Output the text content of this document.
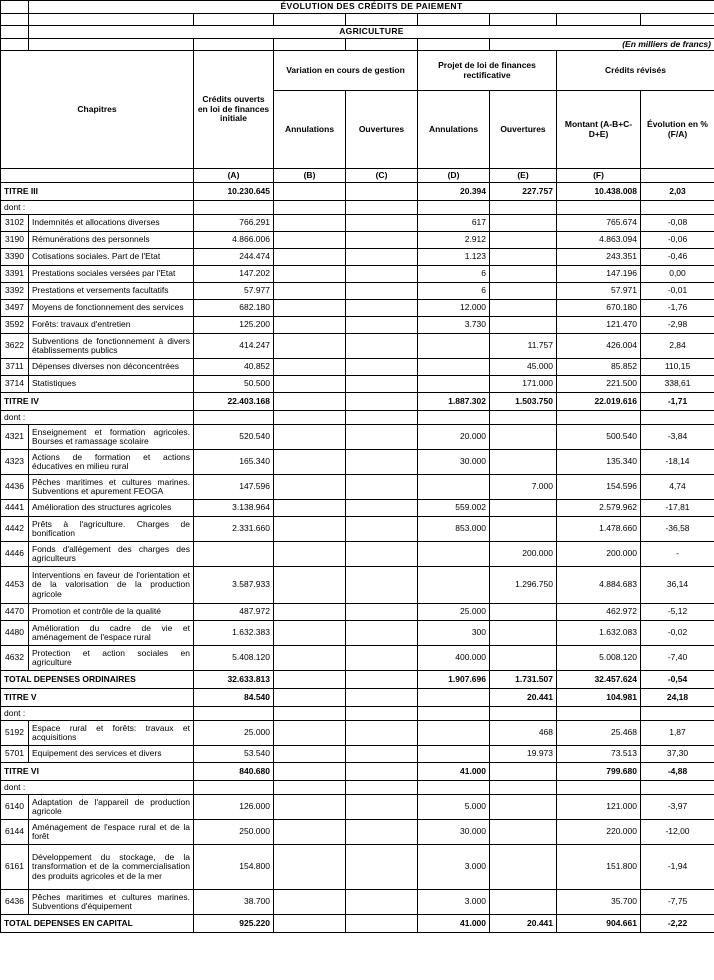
	ÉVOLUTION DES CRÉDITS DE PAIEMENT							

	AGRICULTURE							
						(En milliers de francs)		
Chapitres		Crédits ouverts en loi de finances initiale	Variation en cours de gestion		Projet de loi de finances rectificative		Crédits révisés	
			Annulations	Ouvertures	Annulations	Ouvertures	Montant (A-B+C-D+E)	Évolution en % (F/A)
		(A)	(B)	(C)	(D)	(E)	(F)	
TITRE III		10.230.645			20.394	227.757	10.438.008	2,03
dont :								
3102	Indemnités et allocations diverses	766.291			617		765.674	-0,08
3190	Rémunérations des personnels	4.866.006			2.912		4.863.094	-0,06
3390	Cotisations sociales. Part de l'Etat	244.474			1.123		243.351	-0,46
3391	Prestations sociales versées par l'Etat	147.202			6		147.196	0,00
3392	Prestations et versements facultatifs	57.977			6		57.971	-0,01
3497	Moyens de fonctionnement des services	682.180			12.000		670.180	-1,76
3592	Forêts: travaux d'entretien	125.200			3.730		121.470	-2,98
3622	Subventions de fonctionnement à divers établissements publics	414.247				11.757	426.004	2,84
3711	Dépenses diverses non déconcentrées	40.852				45.000	85.852	110,15
3714	Statistiques	50.500				171.000	221.500	338,61
TITRE IV		22.403.168			1.887.302	1.503.750	22.019.616	-1,71
dont :								
4321	Enseignement et formation agricoles. Bourses et ramassage scolaire	520.540			20.000		500.540	-3,84
4323	Actions de formation et actions éducatives en milieu rural	165.340			30.000		135.340	-18,14
4436	Pêches maritimes et cultures marines. Subventions et apurement FEOGA	147.596				7.000	154.596	4,74
4441	Amélioration des structures agricoles	3.138.964			559.002		2.579.962	-17,81
4442	Prêts à l'agriculture. Charges de bonification	2.331.660			853.000		1.478.660	-36,58
4446	Fonds d'allégement des charges des agriculteurs					200.000	200.000	-
4453	Interventions en faveur de l'orientation et de la valorisation de la production agricole	3.587.933				1.296.750	4.884.683	36,14
4470	Promotion et contrôle de la qualité	487.972			25.000		462.972	-5,12
4480	Amélioration du cadre de vie et aménagement de l'espace rural	1.632.383			300		1.632.083	-0,02
4632	Protection et action sociales en agriculture	5.408.120			400.000		5.008.120	-7,40
TOTAL DEPENSES ORDINAIRES		32.633.813			1.907.696	1.731.507	32.457.624	-0,54
TITRE V		84.540				20.441	104.981	24,18
dont :								
5192	Espace rural et forêts: travaux et acquisitions	25.000				468	25.468	1,87
5701	Equipement des services et divers	53.540				19.973	73.513	37,30
TITRE VI		840.680			41.000		799.680	-4,88
dont :								
6140	Adaptation de l'appareil de production agricole	126.000			5.000		121.000	-3,97
6144	Aménagement de l'espace rural et de la forêt	250.000			30.000		220.000	-12,00
6161	Développement du stockage, de la transformation et de la commercialisation des produits agricoles et de la mer	154.800			3.000		151.800	-1,94
6436	Pêches maritimes et cultures marines. Subventions d'équipement	38.700			3.000		35.700	-7,75
TOTAL DEPENSES EN CAPITAL		925.220			41.000	20.441	904.661	-2,22
